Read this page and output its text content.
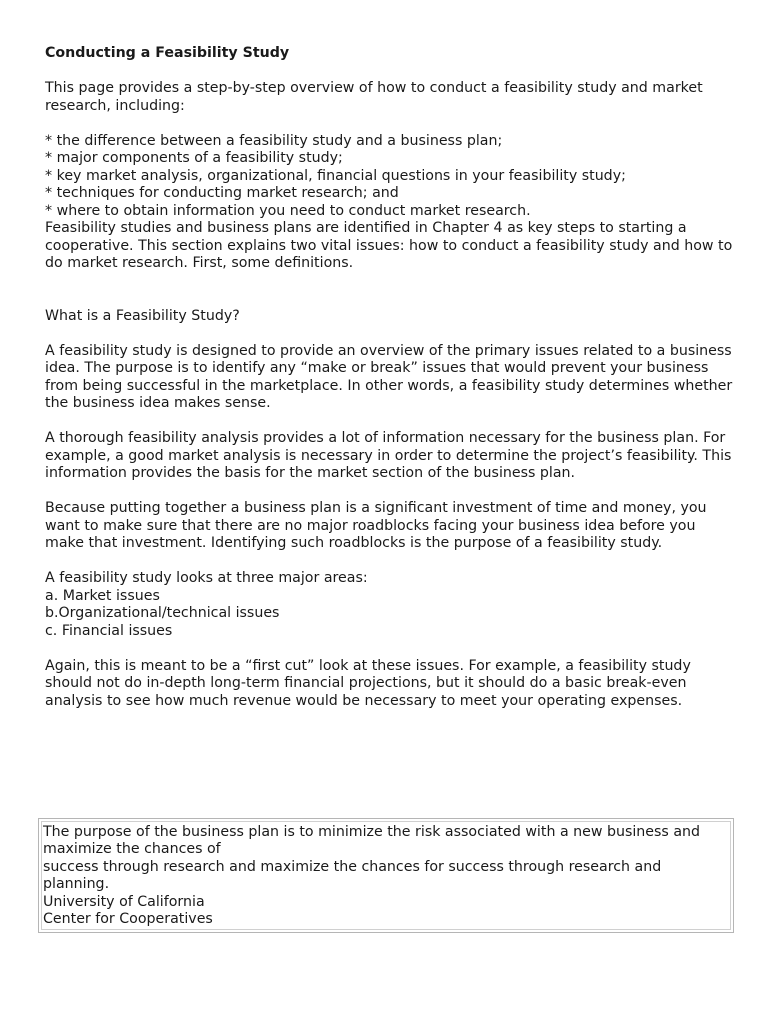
Conducting a Feasibility Study

This page provides a step-by-step overview of how to conduct a feasibility study and market research, including:

* the difference between a feasibility study and a business plan;
* major components of a feasibility study;
* key market analysis, organizational, financial questions in your feasibility study;
* techniques for conducting market research; and
* where to obtain information you need to conduct market research.

Feasibility studies and business plans are identified in Chapter 4 as key steps to starting a cooperative. This section explains two vital issues: how to conduct a feasibility study and how to do market research. First, some definitions.

What is a Feasibility Study?

A feasibility study is designed to provide an overview of the primary issues related to a business idea. The purpose is to identify any “make or break” issues that would prevent your business from being successful in the marketplace. In other words, a feasibility study determines whether the business idea makes sense.

A thorough feasibility analysis provides a lot of information necessary for the business plan. For example, a good market analysis is necessary in order to determine the project’s feasibility. This information provides the basis for the market section of the business plan.

Because putting together a business plan is a significant investment of time and money, you want to make sure that there are no major roadblocks facing your business idea before you make that investment. Identifying such roadblocks is the purpose of a feasibility study.

A feasibility study looks at three major areas:

a. Market issues

b.Organizational/technical issues

c. Financial issues

Again, this is meant to be a “first cut” look at these issues. For example, a feasibility study should not do in-depth long-term financial projections, but it should do a basic break-even analysis to see how much revenue would be necessary to meet your operating expenses.

The purpose of the business plan is to minimize the risk associated with a new business and maximize the chances of

success through research and maximize the chances for success through research and planning.

University of California

Center for Cooperatives
